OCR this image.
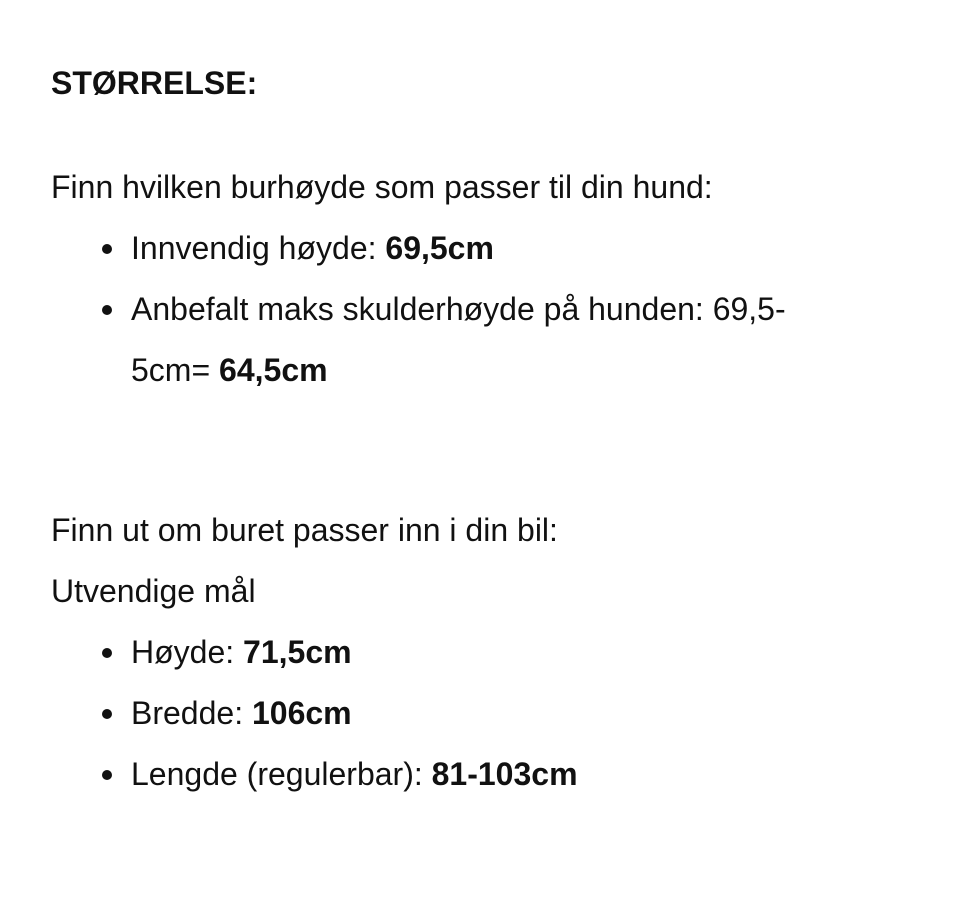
STØRRELSE:

Finn hvilken burhøyde som passer til din hund:

Innvendig høyde: 69,5cm
Anbefalt maks skulderhøyde på hunden: 69,5-5cm= 64,5cm

Finn ut om buret passer inn i din bil:

Utvendige mål

Høyde: 71,5cm
Bredde: 106cm
Lengde (regulerbar): 81-103cm
